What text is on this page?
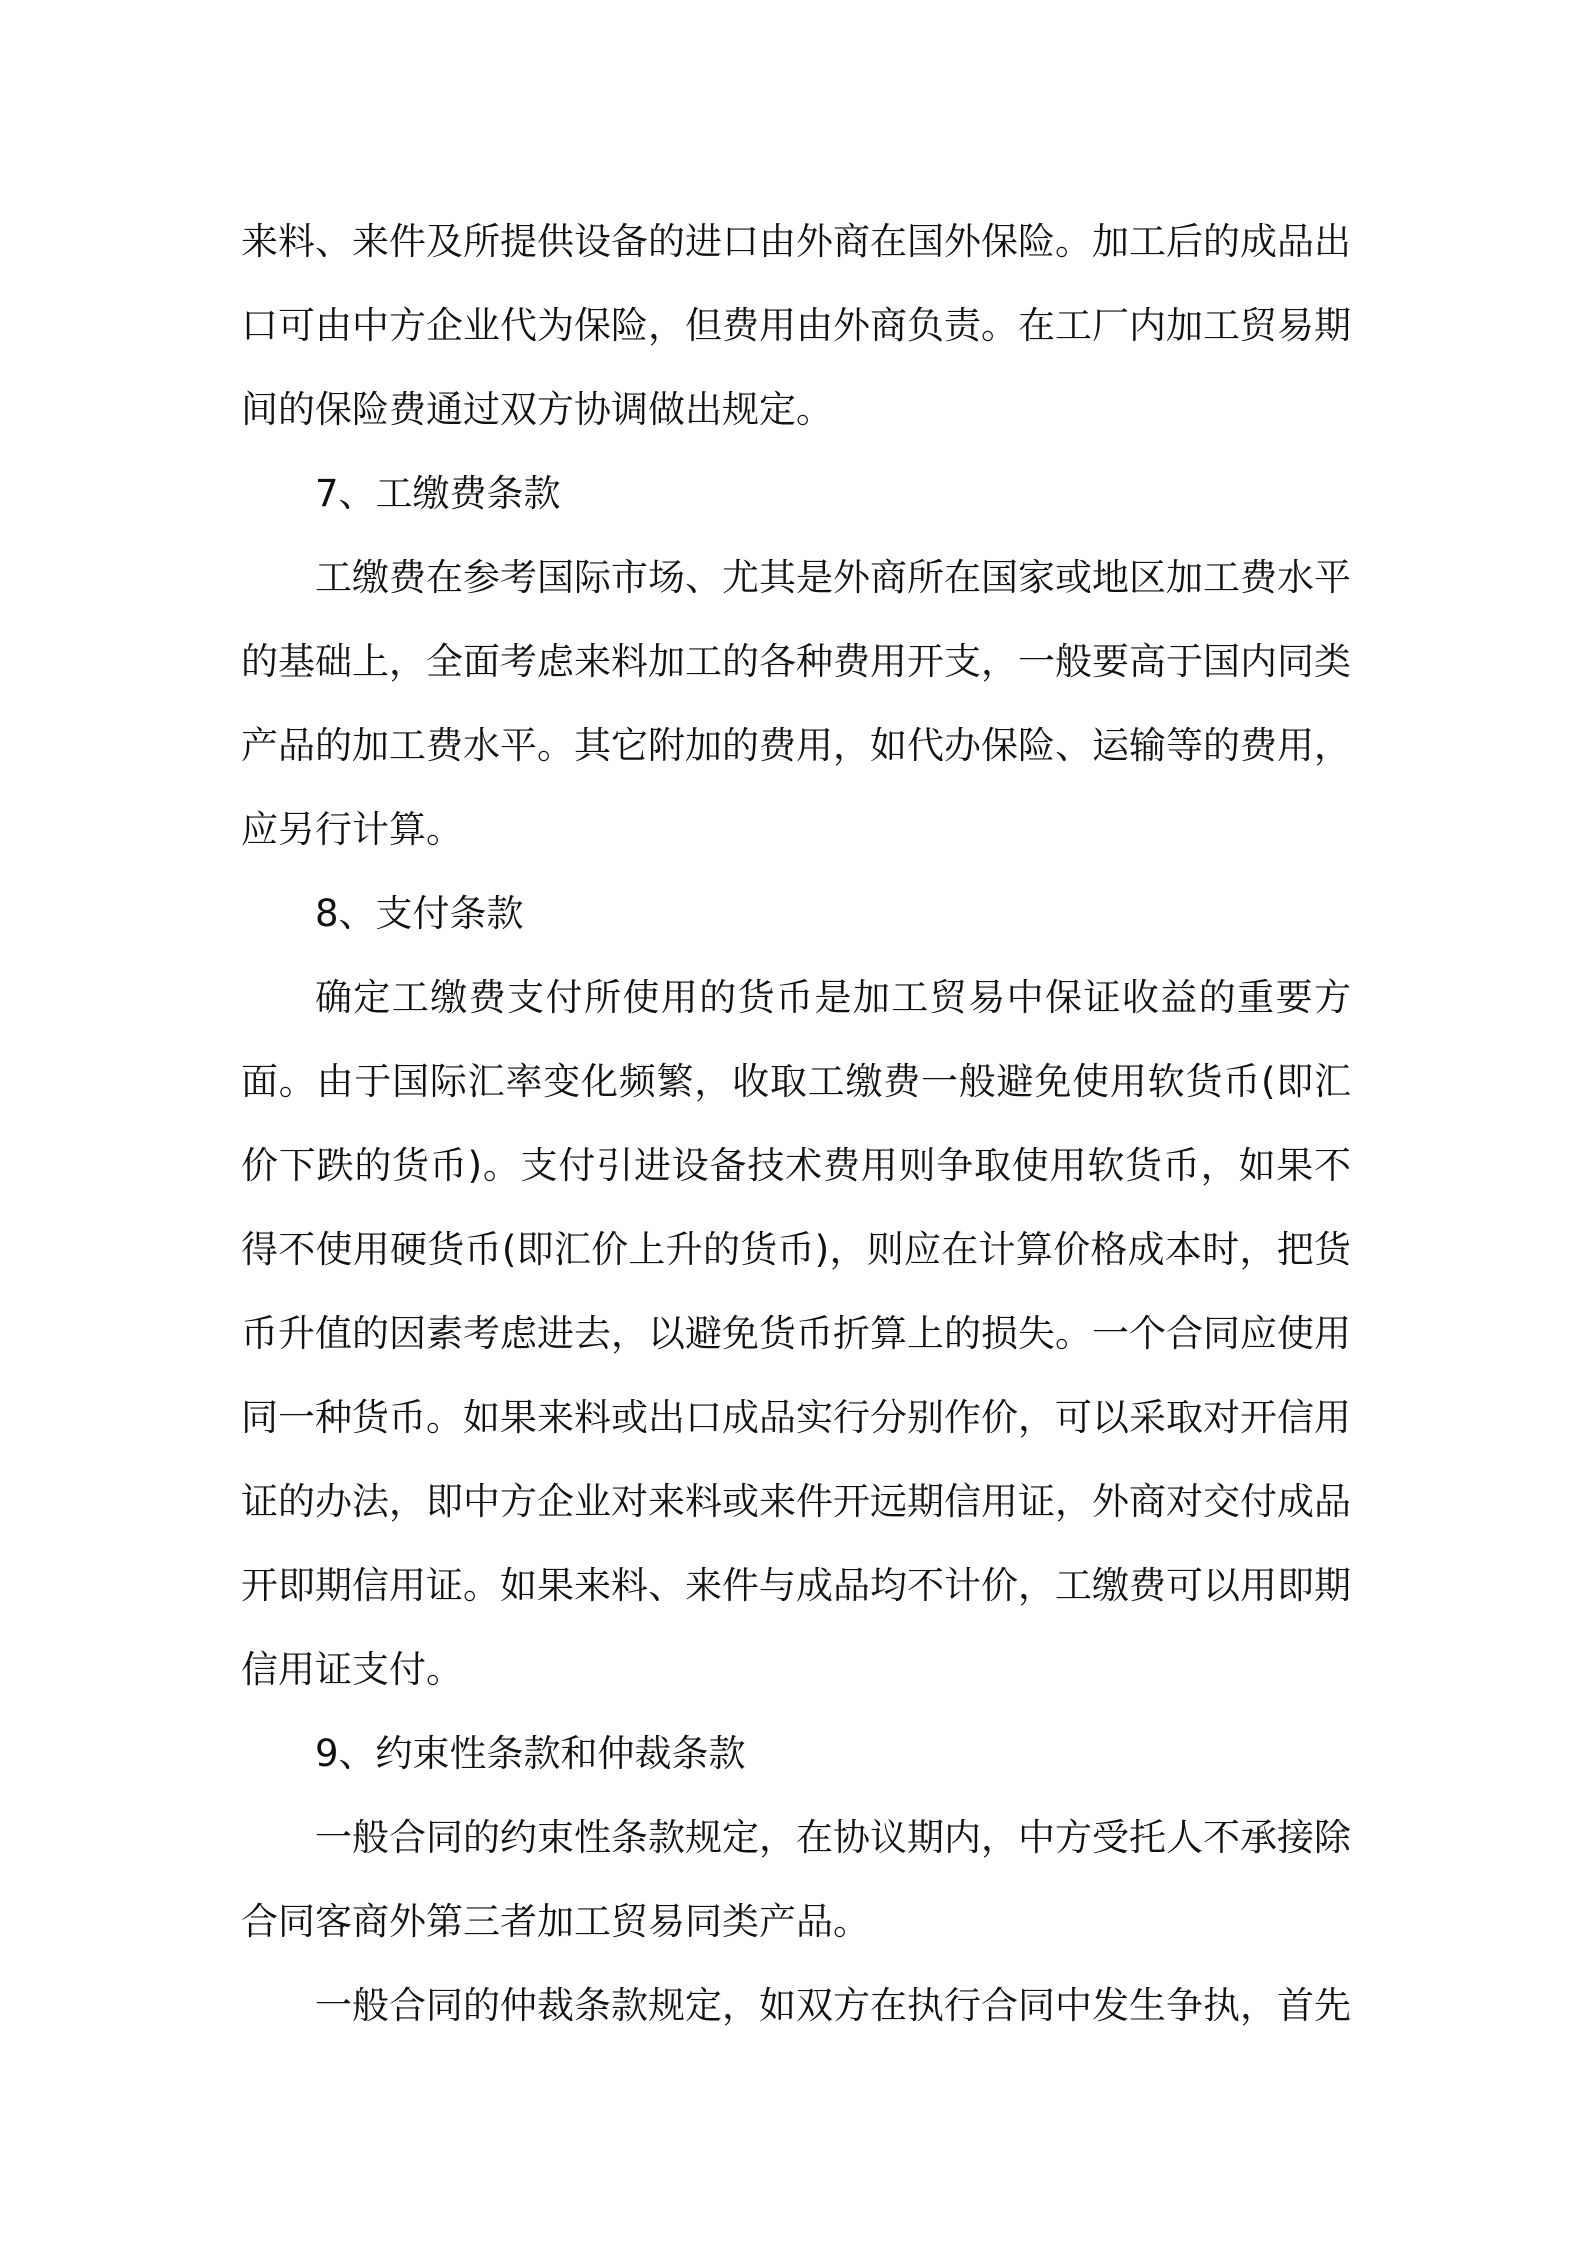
来料、来件及所提供设备的进口由外商在国外保险。加工后的成品出口可由中方企业代为保险，但费用由外商负责。在工厂内加工贸易期间的保险费通过双方协调做出规定。

7、工缴费条款

工缴费在参考国际市场、尤其是外商所在国家或地区加工费水平的基础上，全面考虑来料加工的各种费用开支，一般要高于国内同类产品的加工费水平。其它附加的费用，如代办保险、运输等的费用，应另行计算。

8、支付条款

确定工缴费支付所使用的货币是加工贸易中保证收益的重要方面。由于国际汇率变化频繁，收取工缴费一般避免使用软货币(即汇价下跌的货币)。支付引进设备技术费用则争取使用软货币，如果不得不使用硬货币(即汇价上升的货币)，则应在计算价格成本时，把货币升值的因素考虑进去，以避免货币折算上的损失。一个合同应使用同一种货币。如果来料或出口成品实行分别作价，可以采取对开信用证的办法，即中方企业对来料或来件开远期信用证，外商对交付成品开即期信用证。如果来料、来件与成品均不计价，工缴费可以用即期信用证支付。

9、约束性条款和仲裁条款

一般合同的约束性条款规定，在协议期内，中方受托人不承接除合同客商外第三者加工贸易同类产品。

一般合同的仲裁条款规定，如双方在执行合同中发生争执，首先
